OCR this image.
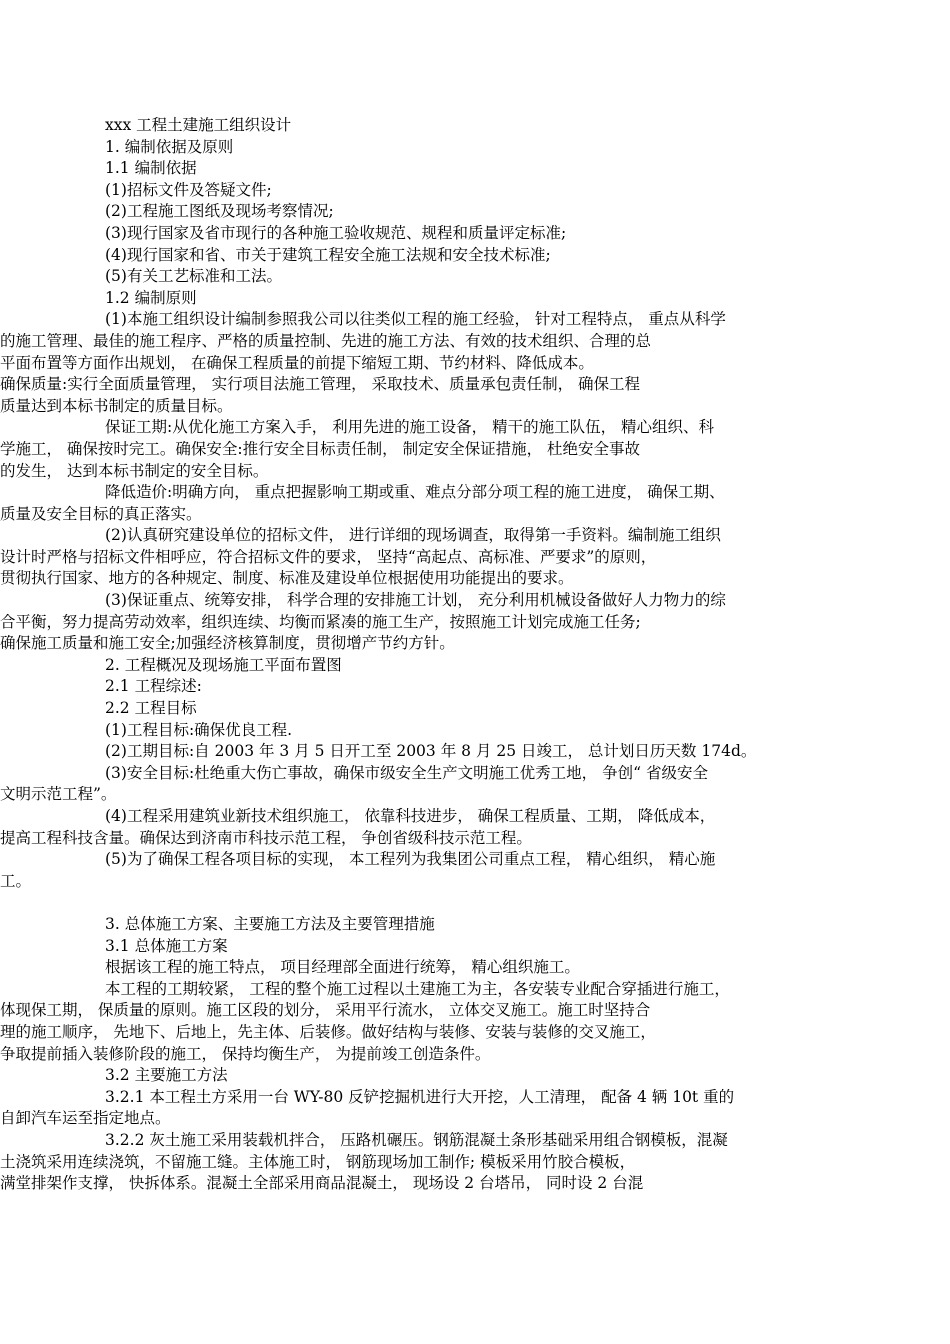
xxx 工程土建施工组织设计

1. 编制依据及原则

1.1 编制依据

(1)招标文件及答疑文件;

(2)工程施工图纸及现场考察情况;

(3)现行国家及省市现行的各种施工验收规范、规程和质量评定标准;

(4)现行国家和省、市关于建筑工程安全施工法规和安全技术标准;

(5)有关工艺标准和工法。

1.2 编制原则

(1)本施工组织设计编制参照我公司以往类似工程的施工经验， 针对工程特点， 重点从科学

的施工管理、最佳的施工程序、严格的质量控制、先进的施工方法、有效的技术组织、合理的总

平面布置等方面作出规划， 在确保工程质量的前提下缩短工期、节约材料、降低成本。

确保质量:实行全面质量管理， 实行项目法施工管理， 采取技术、质量承包责任制， 确保工程

质量达到本标书制定的质量目标。

保证工期:从优化施工方案入手， 利用先进的施工设备， 精干的施工队伍， 精心组织、科

学施工， 确保按时完工。确保安全:推行安全目标责任制， 制定安全保证措施， 杜绝安全事故

的发生， 达到本标书制定的安全目标。

降低造价:明确方向， 重点把握影响工期或重、难点分部分项工程的施工进度， 确保工期、

质量及安全目标的真正落实。

(2)认真研究建设单位的招标文件， 进行详细的现场调查，取得第一手资料。编制施工组织

设计时严格与招标文件相呼应，符合招标文件的要求， 坚持“高起点、高标准、严要求”的原则，

贯彻执行国家、地方的各种规定、制度、标准及建设单位根据使用功能提出的要求。

(3)保证重点、统筹安排， 科学合理的安排施工计划， 充分利用机械设备做好人力物力的综

合平衡，努力提高劳动效率，组织连续、均衡而紧凑的施工生产，按照施工计划完成施工任务;

确保施工质量和施工安全;加强经济核算制度，贯彻增产节约方针。

2. 工程概况及现场施工平面布置图

2.1 工程综述:

2.2 工程目标

(1)工程目标:确保优良工程.

(2)工期目标:自 2003 年 3 月 5 日开工至 2003 年 8 月 25 日竣工， 总计划日历天数 174d。

(3)安全目标:杜绝重大伤亡事故，确保市级安全生产文明施工优秀工地， 争创“ 省级安全

文明示范工程”。

(4)工程采用建筑业新技术组织施工， 依靠科技进步， 确保工程质量、工期， 降低成本，

提高工程科技含量。确保达到济南市科技示范工程， 争创省级科技示范工程。

(5)为了确保工程各项目标的实现， 本工程列为我集团公司重点工程， 精心组织， 精心施

工。

3. 总体施工方案、主要施工方法及主要管理措施

3.1 总体施工方案

根据该工程的施工特点， 项目经理部全面进行统筹， 精心组织施工。

本工程的工期较紧， 工程的整个施工过程以土建施工为主，各安装专业配合穿插进行施工，

体现保工期， 保质量的原则。施工区段的划分， 采用平行流水， 立体交叉施工。施工时坚持合

理的施工顺序， 先地下、后地上，先主体、后装修。做好结构与装修、安装与装修的交叉施工，

争取提前插入装修阶段的施工， 保持均衡生产， 为提前竣工创造条件。

3.2 主要施工方法

3.2.1 本工程土方采用一台 WY-80 反铲挖掘机进行大开挖，人工清理， 配备 4 辆 10t 重的

自卸汽车运至指定地点。

3.2.2 灰土施工采用装载机拌合， 压路机碾压。钢筋混凝土条形基础采用组合钢模板，混凝

土浇筑采用连续浇筑，不留施工缝。主体施工时， 钢筋现场加工制作; 模板采用竹胶合模板，

满堂排架作支撑， 快拆体系。混凝土全部采用商品混凝土， 现场设 2 台塔吊， 同时设 2 台混
